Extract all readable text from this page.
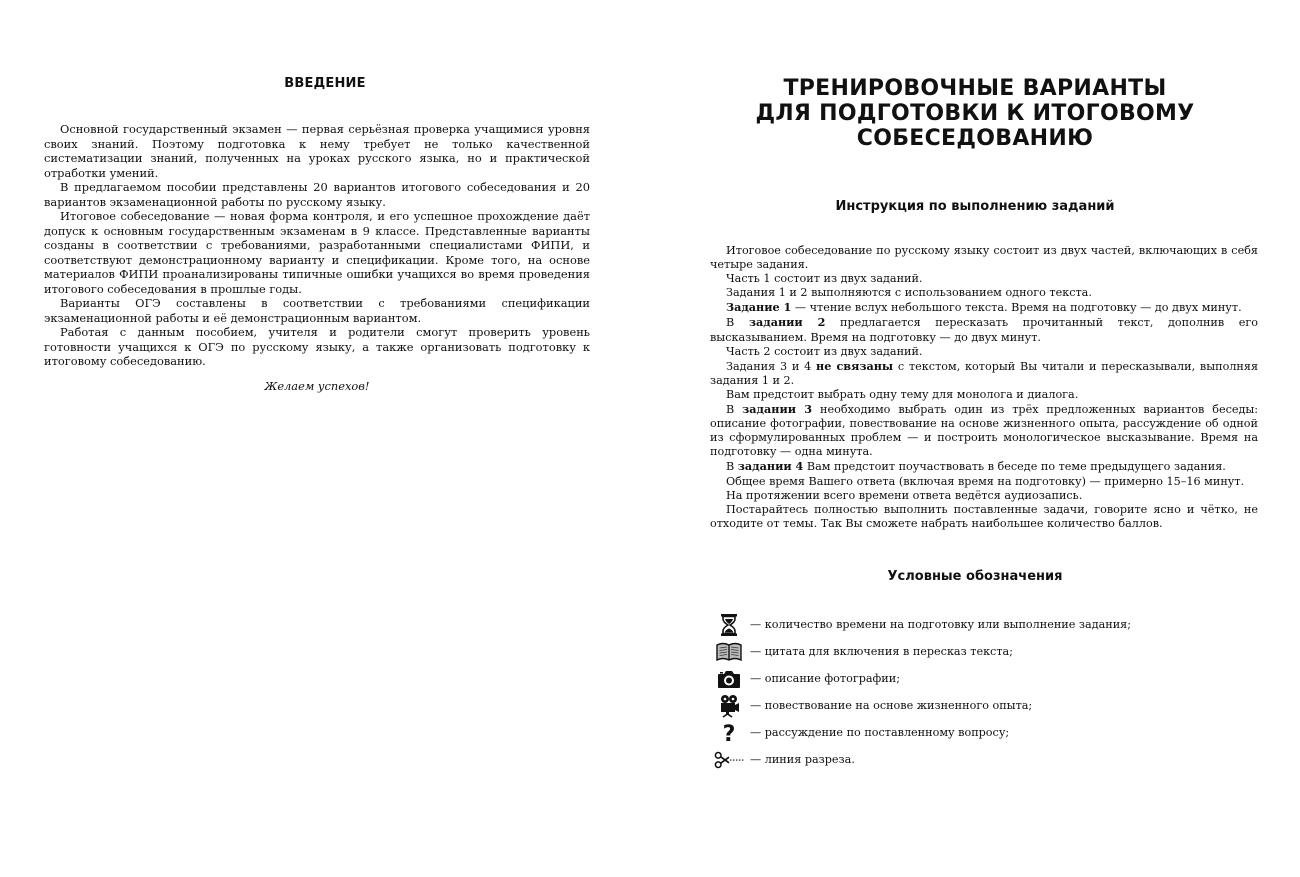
ВВЕДЕНИЕ

Основной государственный экзамен — первая серьёзная проверка учащимися уровня своих знаний. Поэтому подготовка к нему требует не только качественной систематизации знаний, полученных на уроках русского языка, но и практической отработки умений.

В предлагаемом пособии представлены 20 вариантов итогового собеседования и 20 вариантов экзаменационной работы по русскому языку.

Итоговое собеседование — новая форма контроля, и его успешное прохождение даёт допуск к основным государственным экзаменам в 9 классе. Представленные варианты созданы в соответствии с требованиями, разработанными специалистами ФИПИ, и соответствуют демонстрационному варианту и спецификации. Кроме того, на основе материалов ФИПИ проанализированы типичные ошибки учащихся во время проведения итогового собеседования в прошлые годы.

Варианты ОГЭ составлены в соответствии с требованиями спецификации экзаменационной работы и её демонстрационным вариантом.

Работая с данным пособием, учителя и родители смогут проверить уровень готовности учащихся к ОГЭ по русскому языку, а также организовать подготовку к итоговому собеседованию.

Желаем успехов!

ТРЕНИРОВОЧНЫЕ ВАРИАНТЫ
ДЛЯ ПОДГОТОВКИ К ИТОГОВОМУ
СОБЕСЕДОВАНИЮ
Инструкция по выполнению заданий

Итоговое собеседование по русскому языку состоит из двух частей, включающих в себя четыре задания.

Часть 1 состоит из двух заданий.

Задания 1 и 2 выполняются с использованием одного текста.

Задание 1 — чтение вслух небольшого текста. Время на подготовку — до двух минут.

В задании 2 предлагается пересказать прочитанный текст, дополнив его высказыванием. Время на подготовку — до двух минут.

Часть 2 состоит из двух заданий.

Задания 3 и 4 не связаны с текстом, который Вы читали и пересказывали, выполняя задания 1 и 2.

Вам предстоит выбрать одну тему для монолога и диалога.

В задании 3 необходимо выбрать один из трёх предложенных вариантов беседы: описание фотографии, повествование на основе жизненного опыта, рассуждение об одной из сформулированных проблем — и построить монологическое высказывание. Время на подготовку — одна минута.

В задании 4 Вам предстоит поучаствовать в беседе по теме предыдущего задания.

Общее время Вашего ответа (включая время на подготовку) — примерно 15–16 минут.

На протяжении всего времени ответа ведётся аудиозапись.

Постарайтесь полностью выполнить поставленные задачи, говорите ясно и чётко, не отходите от темы. Так Вы сможете набрать наибольшее количество баллов.

Условные обозначения
— количество времени на подготовку или выполнение задания;
— цитата для включения в пересказ текста;
— описание фотографии;
— повествование на основе жизненного опыта;
? — рассуждение по поставленному вопросу;
— линия разреза.
